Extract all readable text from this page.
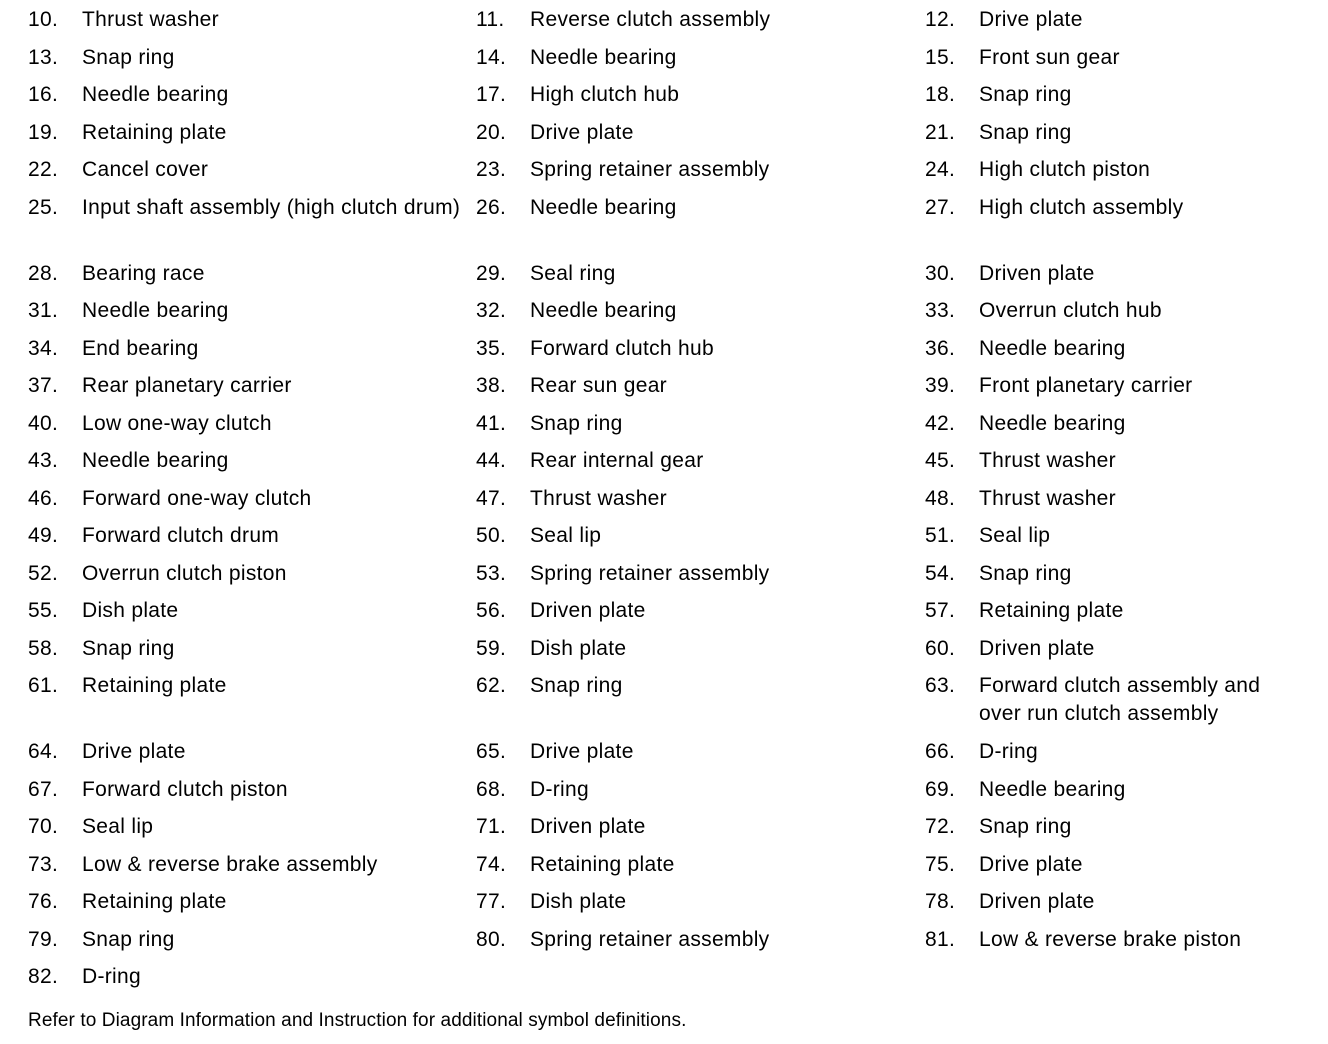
10.	Thrust washer	11.	Reverse clutch assembly	12.	Drive plate
13.	Snap ring	14.	Needle bearing	15.	Front sun gear
16.	Needle bearing	17.	High clutch hub	18.	Snap ring
19.	Retaining plate	20.	Drive plate	21.	Snap ring
22.	Cancel cover	23.	Spring retainer assembly	24.	High clutch piston
25.	Input shaft assembly (high clutch drum) 26.	Needle bearing	27.	High clutch assembly
28.	Bearing race	29.	Seal ring	30.	Driven plate
31.	Needle bearing	32.	Needle bearing	33.	Overrun clutch hub
34.	End bearing	35.	Forward clutch hub	36.	Needle bearing
37.	Rear planetary carrier	38.	Rear sun gear	39.	Front planetary carrier
40.	Low one-way clutch	41.	Snap ring	42.	Needle bearing
43.	Needle bearing	44.	Rear internal gear	45.	Thrust washer
46.	Forward one-way clutch	47.	Thrust washer	48.	Thrust washer
49.	Forward clutch drum	50.	Seal lip	51.	Seal lip
52.	Overrun clutch piston	53.	Spring retainer assembly	54.	Snap ring
55.	Dish plate	56.	Driven plate	57.	Retaining plate
58.	Snap ring	59.	Dish plate	60.	Driven plate
61.	Retaining plate	62.	Snap ring	63.	Forward clutch assembly and over run clutch assembly
64.	Drive plate	65.	Drive plate	66.	D-ring
67.	Forward clutch piston	68.	D-ring	69.	Needle bearing
70.	Seal lip	71.	Driven plate	72.	Snap ring
73.	Low & reverse brake assembly	74.	Retaining plate	75.	Drive plate
76.	Retaining plate	77.	Dish plate	78.	Driven plate
79.	Snap ring	80.	Spring retainer assembly	81.	Low & reverse brake piston
82.	D-ring
Refer to Diagram Information and Instruction for additional symbol definitions.
